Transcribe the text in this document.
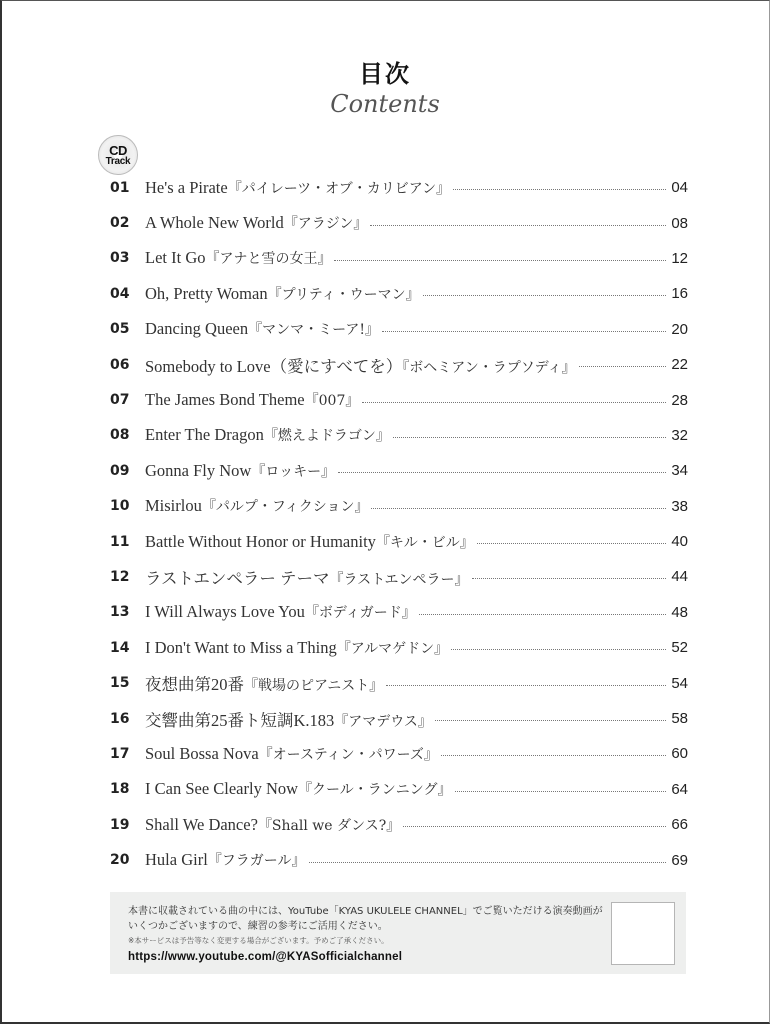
目次
Contents
CD
Track
01 He's a Pirate『パイレーツ・オブ・カリビアン』	04
02 A Whole New World『アラジン』	08
03 Let It Go『アナと雪の女王』	12
04 Oh, Pretty Woman『プリティ・ウーマン』	16
05 Dancing Queen『マンマ・ミーア!』	20
06 Somebody to Love（愛にすべてを）『ボヘミアン・ラプソディ』	22
07 The James Bond Theme『007』	28
08 Enter The Dragon『燃えよドラゴン』	32
09 Gonna Fly Now『ロッキー』	34
10 Misirlou『パルプ・フィクション』	38
11 Battle Without Honor or Humanity『キル・ビル』	40
12 ラストエンペラー テーマ『ラストエンペラー』	44
13 I Will Always Love You『ボディガード』	48
14 I Don't Want to Miss a Thing『アルマゲドン』	52
15 夜想曲第20番『戦場のピアニスト』	54
16 交響曲第25番ト短調K.183『アマデウス』	58
17 Soul Bossa Nova『オースティン・パワーズ』	60
18 I Can See Clearly Now『クール・ランニング』	64
19 Shall We Dance?『Shall we ダンス?』	66
20 Hula Girl『フラガール』	69
本書に収載されている曲の中には、YouTube「KYAS UKULELE CHANNEL」でご覧いただける演奏動画がいくつかございますので、練習の参考にご活用ください。
※本サービスは予告等なく変更する場合がございます。予めご了承ください。
https://www.youtube.com/@KYASofficialchannel
